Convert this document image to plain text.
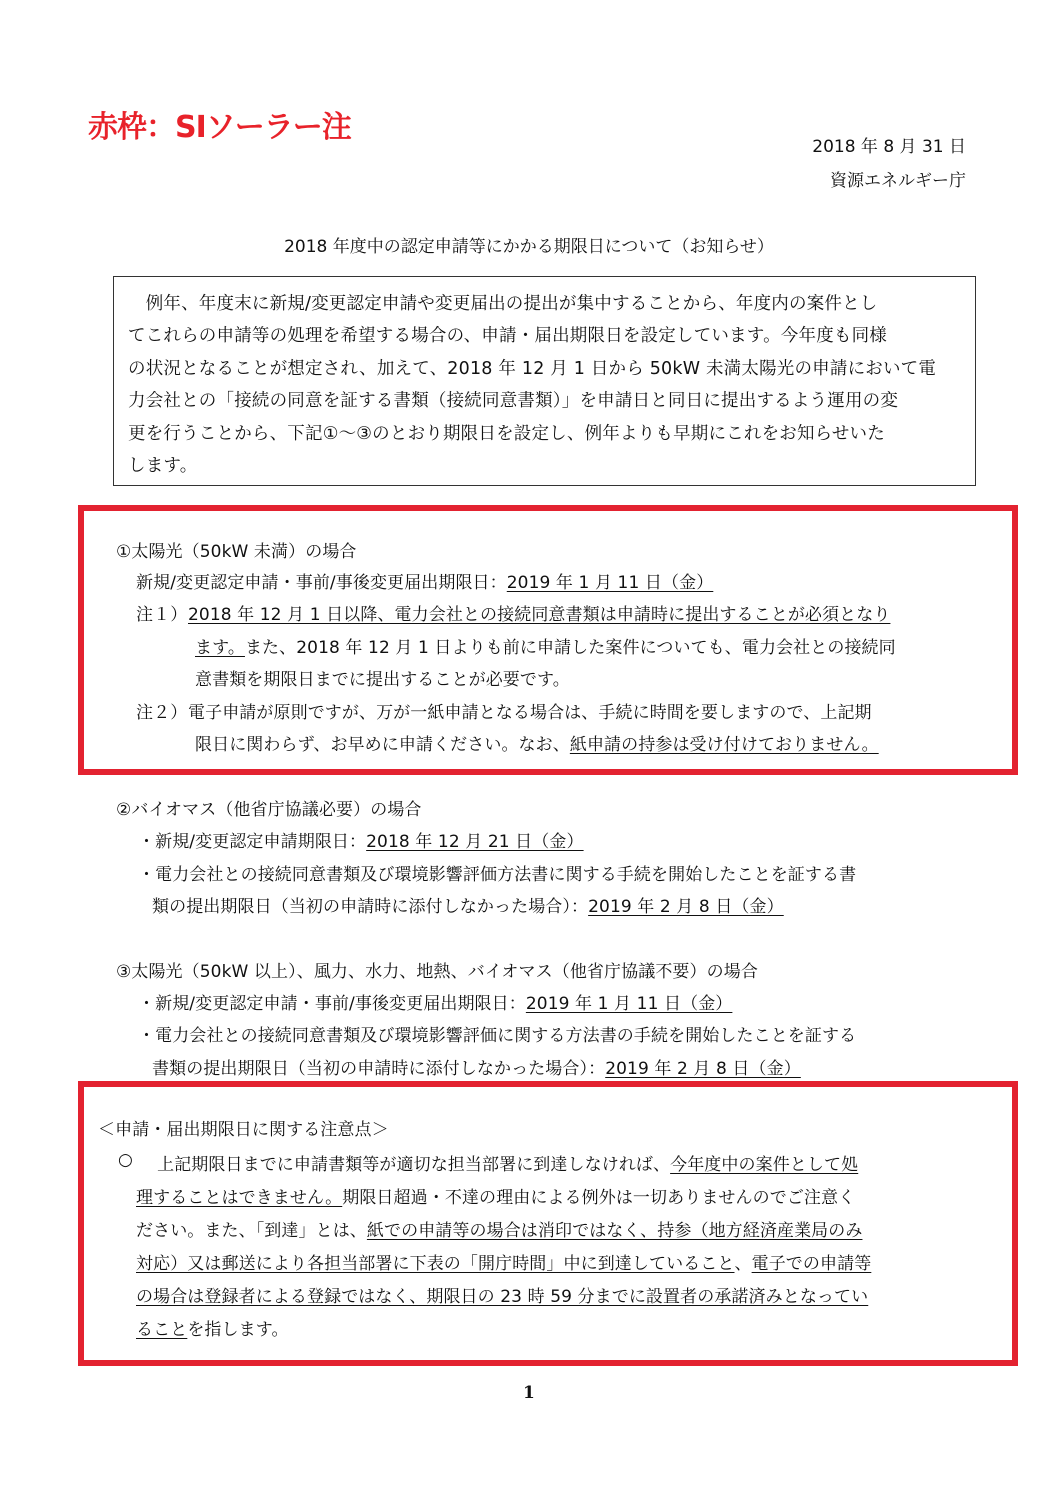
赤枠：SIソーラー注
2018 年 8 月 31 日
資源エネルギー庁
2018 年度中の認定申請等にかかる期限日について（お知らせ）
　例年、年度末に新規/変更認定申請や変更届出の提出が集中することから、年度内の案件とし
てこれらの申請等の処理を希望する場合の、申請・届出期限日を設定しています。今年度も同様
の状況となることが想定され、加えて、2018 年 12 月 1 日から 50kW 未満太陽光の申請において電
力会社との「接続の同意を証する書類（接続同意書類）」を申請日と同日に提出するよう運用の変
更を行うことから、下記①～③のとおり期限日を設定し、例年よりも早期にこれをお知らせいた
します。
①太陽光（50kW 未満）の場合
新規/変更認定申請・事前/事後変更届出期限日：2019 年 1 月 11 日（金）
注１） 2018 年 12 月 1 日以降、電力会社との接続同意書類は申請時に提出することが必須となり
ます。また、2018 年 12 月 1 日よりも前に申請した案件についても、電力会社との接続同
意書類を期限日までに提出することが必要です。
注２） 電子申請が原則ですが、万が一紙申請となる場合は、手続に時間を要しますので、上記期
限日に関わらず、お早めに申請ください。なお、紙申請の持参は受け付けておりません。
②バイオマス（他省庁協議必要）の場合
・新規/変更認定申請期限日：2018 年 12 月 21 日（金）
・電力会社との接続同意書類及び環境影響評価方法書に関する手続を開始したことを証する書
類の提出期限日（当初の申請時に添付しなかった場合）：2019 年 2 月 8 日（金）
③太陽光（50kW 以上）、風力、水力、地熱、バイオマス（他省庁協議不要）の場合
・新規/変更認定申請・事前/事後変更届出期限日：2019 年 1 月 11 日（金）
・電力会社との接続同意書類及び環境影響評価に関する方法書の手続を開始したことを証する
書類の提出期限日（当初の申請時に添付しなかった場合）：2019 年 2 月 8 日（金）
＜申請・届出期限日に関する注意点＞
○ 　上記期限日までに申請書類等が適切な担当部署に到達しなければ、今年度中の案件として処
理することはできません。期限日超過・不達の理由による例外は一切ありませんのでご注意く
ださい。また、「到達」とは、紙での申請等の場合は消印ではなく、持参（地方経済産業局のみ
対応）又は郵送により各担当部署に下表の「開庁時間」中に到達していること、電子での申請等
の場合は登録者による登録ではなく、期限日の 23 時 59 分までに設置者の承諾済みとなってい
ることを指します。
1
